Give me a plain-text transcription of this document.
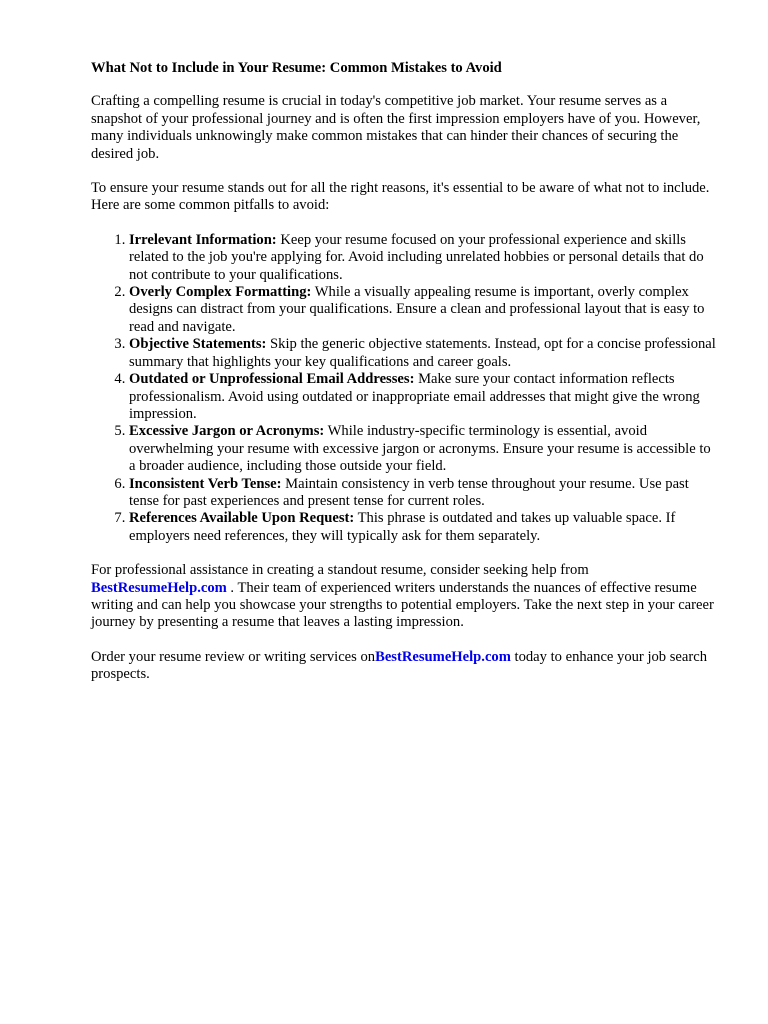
What Not to Include in Your Resume: Common Mistakes to Avoid

Crafting a compelling resume is crucial in today's competitive job market. Your resume serves as a snapshot of your professional journey and is often the first impression employers have of you. However, many individuals unknowingly make common mistakes that can hinder their chances of securing the desired job.

To ensure your resume stands out for all the right reasons, it's essential to be aware of what not to include. Here are some common pitfalls to avoid:

1. Irrelevant Information: Keep your resume focused on your professional experience and skills related to the job you're applying for. Avoid including unrelated hobbies or personal details that do not contribute to your qualifications.
2. Overly Complex Formatting: While a visually appealing resume is important, overly complex designs can distract from your qualifications. Ensure a clean and professional layout that is easy to read and navigate.
3. Objective Statements: Skip the generic objective statements. Instead, opt for a concise professional summary that highlights your key qualifications and career goals.
4. Outdated or Unprofessional Email Addresses: Make sure your contact information reflects professionalism. Avoid using outdated or inappropriate email addresses that might give the wrong impression.
5. Excessive Jargon or Acronyms: While industry-specific terminology is essential, avoid overwhelming your resume with excessive jargon or acronyms. Ensure your resume is accessible to a broader audience, including those outside your field.
6. Inconsistent Verb Tense: Maintain consistency in verb tense throughout your resume. Use past tense for past experiences and present tense for current roles.
7. References Available Upon Request: This phrase is outdated and takes up valuable space. If employers need references, they will typically ask for them separately.

For professional assistance in creating a standout resume, consider seeking help from BestResumeHelp.com . Their team of experienced writers understands the nuances of effective resume writing and can help you showcase your strengths to potential employers. Take the next step in your career journey by presenting a resume that leaves a lasting impression.

Order your resume review or writing services onBestResumeHelp.com today to enhance your job search prospects.
